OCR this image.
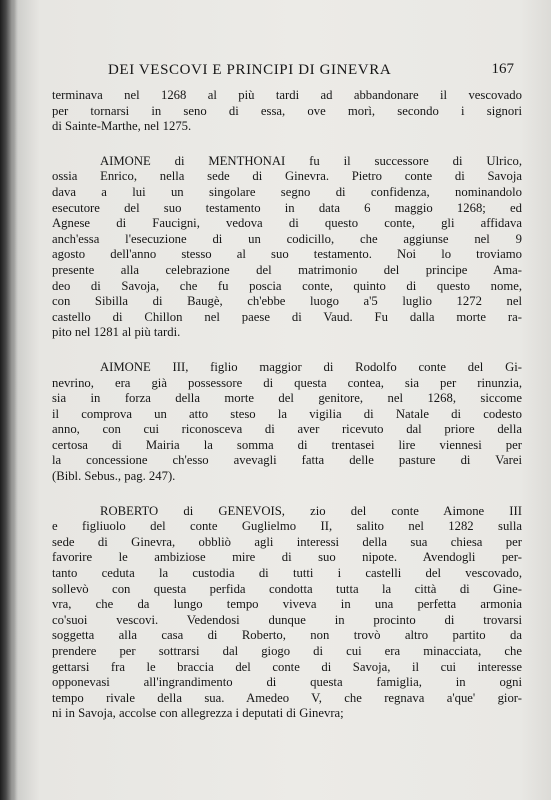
DEI VESCOVI E PRINCIPI DI GINEVRA	167
terminava nel 1268 al più tardi ad abbandonare il vescovado
per tornarsi in seno di essa, ove morì, secondo i signori
di Sainte-Marthe, nel 1275.
AIMONE di MENTHONAI fu il successore di Ulrico,
ossia Enrico, nella sede di Ginevra. Pietro conte di Savoja
dava a lui un singolare segno di confidenza, nominandolo
esecutore del suo testamento in data 6 maggio 1268; ed
Agnese di Faucigni, vedova di questo conte, gli affidava
anch'essa l'esecuzione di un codicillo, che aggiunse nel 9
agosto dell'anno stesso al suo testamento. Noi lo troviamo
presente alla celebrazione del matrimonio del principe Ama-
deo di Savoja, che fu poscia conte, quinto di questo nome,
con Sibilla di Baugè, ch'ebbe luogo a'5 luglio 1272 nel
castello di Chillon nel paese di Vaud. Fu dalla morte ra-
pito nel 1281 al più tardi.
AIMONE III, figlio maggior di Rodolfo conte del Gi-
nevrino, era già possessore di questa contea, sia per rinunzia,
sia in forza della morte del genitore, nel 1268, siccome
il comprova un atto steso la vigilia di Natale di codesto
anno, con cui riconosceva di aver ricevuto dal priore della
certosa di Mairia la somma di trentasei lire viennesi per
la concessione ch'esso avevagli fatta delle pasture di Varei
(Bibl. Sebus., pag. 247).
ROBERTO di GENEVOIS, zio del conte Aimone III
e figliuolo del conte Guglielmo II, salito nel 1282 sulla
sede di Ginevra, obbliò agli interessi della sua chiesa per
favorire le ambiziose mire di suo nipote. Avendogli per-
tanto ceduta la custodia di tutti i castelli del vescovado,
sollevò con questa perfida condotta tutta la città di Gine-
vra, che da lungo tempo viveva in una perfetta armonia
co'suoi vescovi. Vedendosi dunque in procinto di trovarsi
soggetta alla casa di Roberto, non trovò altro partito da
prendere per sottrarsi dal giogo di cui era minacciata, che
gettarsi fra le braccia del conte di Savoja, il cui interesse
opponevasi all'ingrandimento di questa famiglia, in ogni
tempo rivale della sua. Amedeo V, che regnava a'que' gior-
ni in Savoja, accolse con allegrezza i deputati di Ginevra;
